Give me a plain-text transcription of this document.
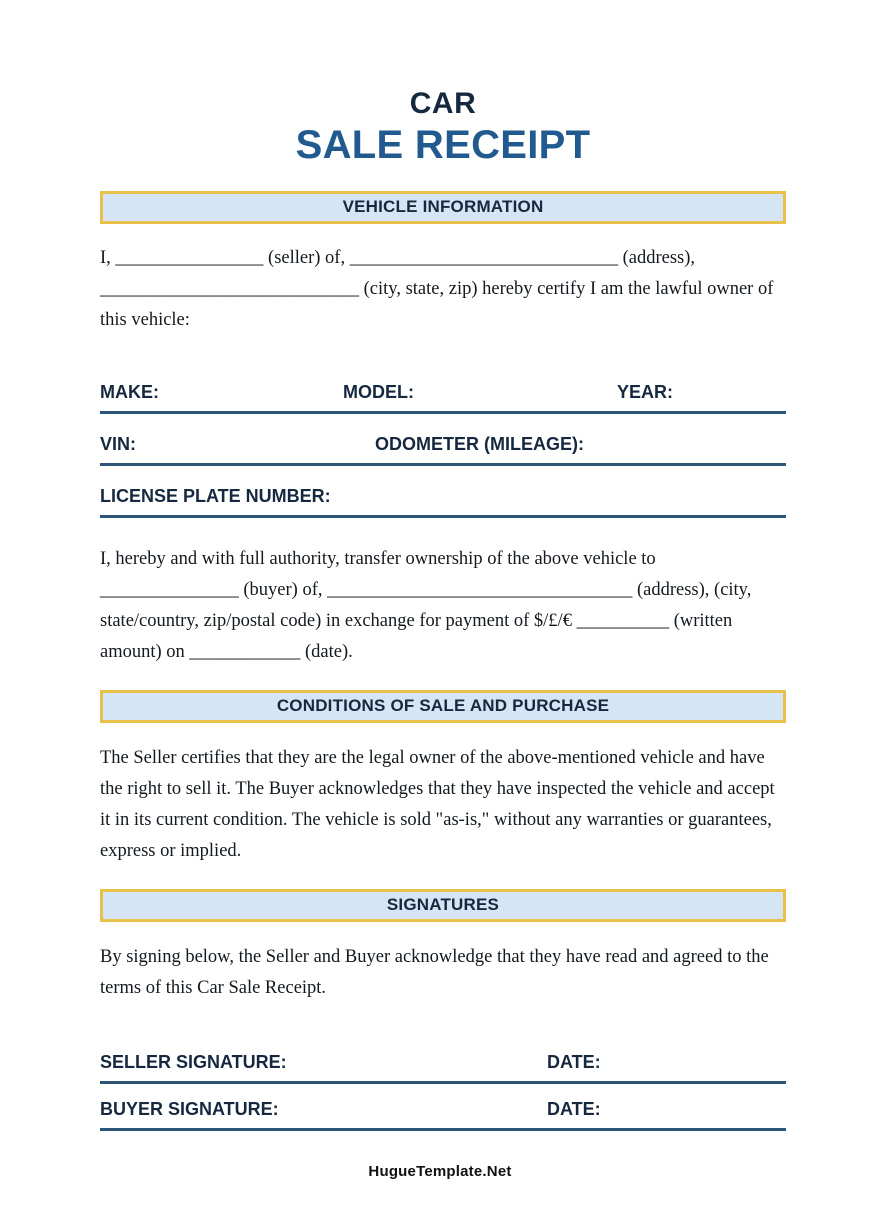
CAR
SALE RECEIPT
VEHICLE INFORMATION
I, ________________ (seller) of, _____________________________ (address), ____________________________ (city, state, zip) hereby certify I am the lawful owner of this vehicle:
MAKE:	MODEL:	YEAR:
VIN:	ODOMETER (MILEAGE):
LICENSE PLATE NUMBER:
I, hereby and with full authority, transfer ownership of the above vehicle to _______________ (buyer) of, _________________________________ (address), (city, state/country, zip/postal code) in exchange for payment of $/£/€ __________ (written amount) on ____________ (date).
CONDITIONS OF SALE AND PURCHASE
The Seller certifies that they are the legal owner of the above-mentioned vehicle and have the right to sell it. The Buyer acknowledges that they have inspected the vehicle and accept it in its current condition. The vehicle is sold "as-is," without any warranties or guarantees, express or implied.
SIGNATURES
By signing below, the Seller and Buyer acknowledge that they have read and agreed to the terms of this Car Sale Receipt.
SELLER SIGNATURE:	DATE:
BUYER SIGNATURE:	DATE:
HugueTemplate.Net
